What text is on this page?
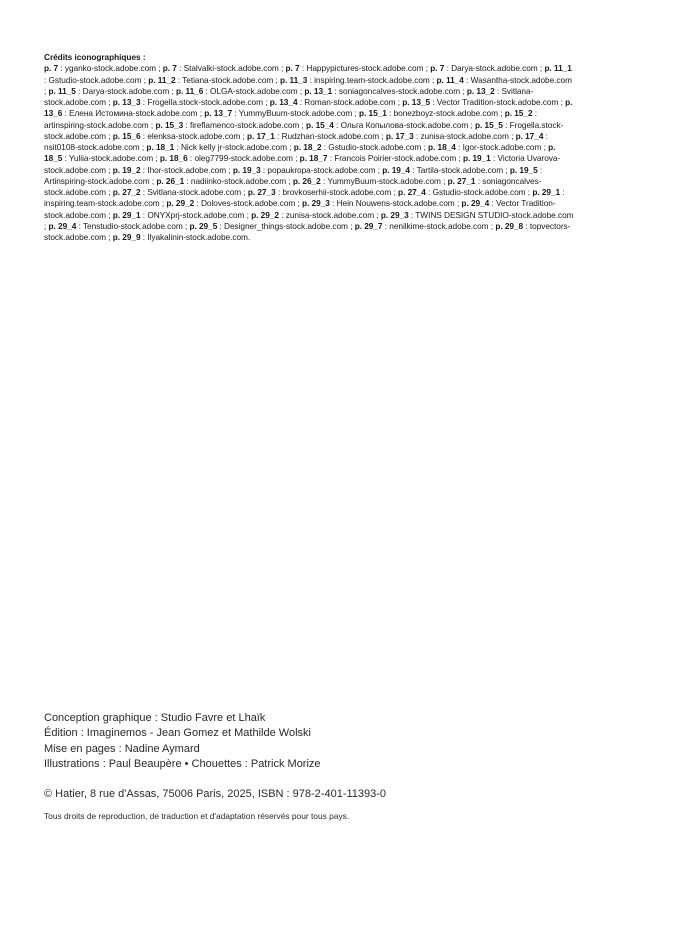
Crédits iconographiques :
p. 7 : yganko-stock.adobe.com ; p. 7 : Stalvalki-stock.adobe.com ; p. 7 : Happypictures-stock.adobe.com ; p. 7 : Darya-stock.adobe.com ; p. 11_1 : Gstudio-stock.adobe.com ; p. 11_2 : Tetiana-stock.adobe.com ; p. 11_3 : inspiring.team-stock.adobe.com ; p. 11_4 : Wasantha-stock.adobe.com ; p. 11_5 : Darya-stock.adobe.com ; p. 11_6 : OLGA-stock.adobe.com ; p. 13_1 : soniagoncalves-stock.adobe.com ; p. 13_2 : Svitlana-stock.adobe.com ; p. 13_3 : Frogella.stock-stock.adobe.com ; p. 13_4 : Roman-stock.adobe.com ; p. 13_5 : Vector Tradition-stock.adobe.com ; p. 13_6 : Елена Истомина-stock.adobe.com ; p. 13_7 : YummyBuum-stock.adobe.com ; p. 15_1 : bonezboyz-stock.adobe.com ; p. 15_2 : artinspiring-stock.adobe.com ; p. 15_3 : fireflamenco-stock.adobe.com ; p. 15_4 : Ольга Копылова-stock.adobe.com ; p. 15_5 : Frogella.stock-stock.adobe.com ; p. 15_6 : elenksa-stock.adobe.com ; p. 17_1 : Rudzhan-stock.adobe.com ; p. 17_3 : zunisa-stock.adobe.com ; p. 17_4 : nsit0108-stock.adobe.com ; p. 18_1 : Nick kelly jr-stock.adobe.com ; p. 18_2 : Gstudio-stock.adobe.com ; p. 18_4 : Igor-stock.adobe.com ; p. 18_5 : Yuliia-stock.adobe.com ; p. 18_6 : oleg7799-stock.adobe.com ; p. 18_7 : Francois Poirier-stock.adobe.com ; p. 19_1 : Victoria Uvarova-stock.adobe.com ; p. 19_2 : Ihor-stock.adobe.com ; p. 19_3 : popaukropa-stock.adobe.com ; p. 19_4 : Tartila-stock.adobe.com ; p. 19_5 : Artinspiring-stock.adobe.com ; p. 26_1 : nadiinko-stock.adobe.com ; p. 26_2 : YummyBuum-stock.adobe.com ; p. 27_1 : soniagoncalves-stock.adobe.com ; p. 27_2 : Svitlana-stock.adobe.com ; p. 27_3 : brovkoserhii-stock.adobe.com ; p. 27_4 : Gstudio-stock.adobe.com ; p. 29_1 : inspiring.team-stock.adobe.com ; p. 29_2 : Doloves-stock.adobe.com ; p. 29_3 : Hein Nouwens-stock.adobe.com ; p. 29_4 : Vector Tradition-stock.adobe.com ; p. 29_1 : ONYXprj-stock.adobe.com ; p. 29_2 : zunisa-stock.adobe.com ; p. 29_3 : TWINS DESIGN STUDIO-stock.adobe.com ; p. 29_4 : Tenstudio-stock.adobe.com ; p. 29_5 : Designer_things-stock.adobe.com ; p. 29_7 : nenilkime-stock.adobe.com ; p. 29_8 : topvectors-stock.adobe.com ; p. 29_9 : Ilyakalinin-stock.adobe.com.
Conception graphique : Studio Favre et Lhaïk
Édition : Imaginemos - Jean Gomez et Mathilde Wolski
Mise en pages : Nadine Aymard
Illustrations : Paul Beaupère • Chouettes : Patrick Morize
© Hatier, 8 rue d'Assas, 75006 Paris, 2025, ISBN : 978-2-401-11393-0
Tous droits de reproduction, de traduction et d'adaptation réservés pour tous pays.
